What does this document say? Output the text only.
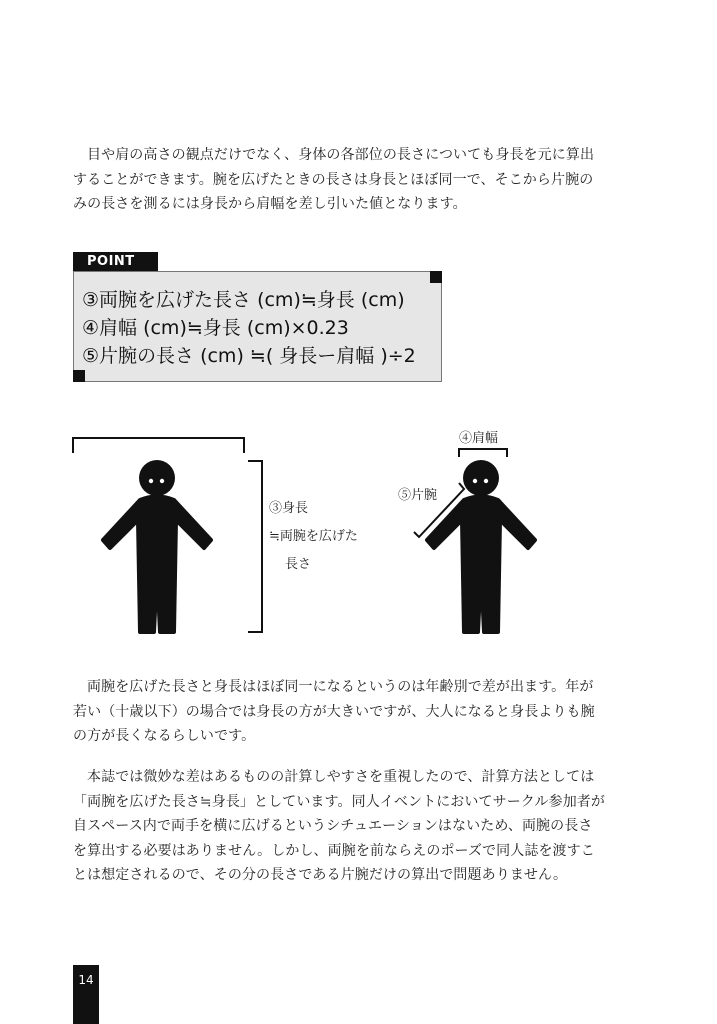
目や肩の高さの観点だけでなく、身体の各部位の長さについても身長を元に算出することができます。腕を広げたときの長さは身長とほぼ同一で、そこから片腕のみの長さを測るには身長から肩幅を差し引いた値となります。

POINT
③両腕を広げた長さ (cm)≒身長 (cm)
④肩幅 (cm)≒身長 (cm)×0.23
⑤片腕の長さ (cm) ≒( 身長ー肩幅 )÷2
③身長
≒両腕を広げた
長さ
④肩幅
⑤片腕

両腕を広げた長さと身長はほぼ同一になるというのは年齢別で差が出ます。年が若い（十歳以下）の場合では身長の方が大きいですが、大人になると身長よりも腕の方が長くなるらしいです。

本誌では微妙な差はあるものの計算しやすさを重視したので、計算方法としては「両腕を広げた長さ≒身長」としています。同人イベントにおいてサークル参加者が自スペース内で両手を横に広げるというシチュエーションはないため、両腕の長さを算出する必要はありません。しかし、両腕を前ならえのポーズで同人誌を渡すことは想定されるので、その分の長さである片腕だけの算出で問題ありません。

14
